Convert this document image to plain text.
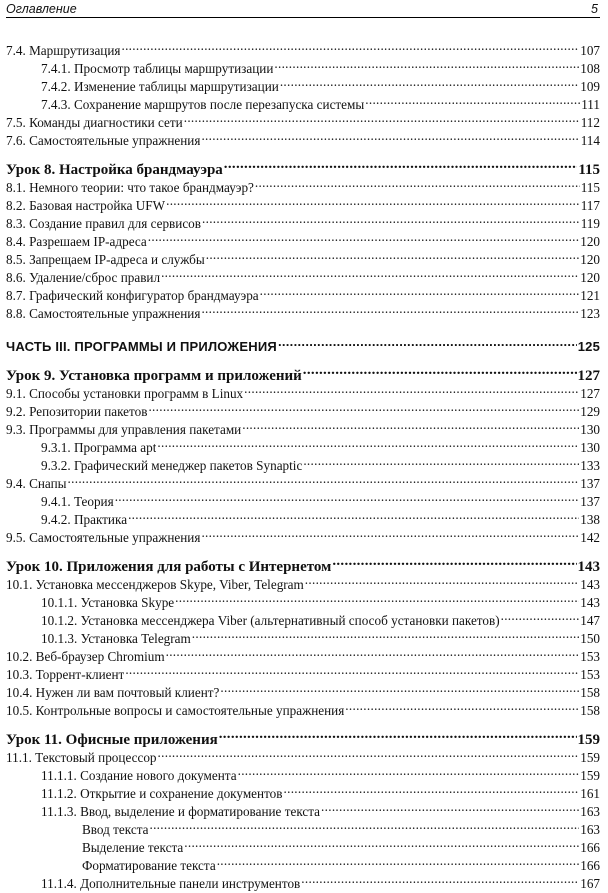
Оглавление	5
7.4. Маршрутизация .....	107
7.4.1. Просмотр таблицы маршрутизации .....	108
7.4.2. Изменение таблицы маршрутизации .....	109
7.4.3. Сохранение маршрутов после перезапуска системы .....	111
7.5. Команды диагностики сети .....	112
7.6. Самостоятельные упражнения .....	114
Урок 8. Настройка брандмауэра .....	115
8.1. Немного теории: что такое брандмауэр? .....	115
8.2. Базовая настройка UFW .....	117
8.3. Создание правил для сервисов .....	119
8.4. Разрешаем IP-адреса .....	120
8.5. Запрещаем IP-адреса и службы .....	120
8.6. Удаление/сброс правил .....	120
8.7. Графический конфигуратор брандмауэра .....	121
8.8. Самостоятельные упражнения .....	123
ЧАСТЬ III. ПРОГРАММЫ И ПРИЛОЖЕНИЯ .....	125
Урок 9. Установка программ и приложений .....	127
9.1. Способы установки программ в Linux .....	127
9.2. Репозитории пакетов .....	129
9.3. Программы для управления пакетами .....	130
9.3.1. Программа apt .....	130
9.3.2. Графический менеджер пакетов Synaptic .....	133
9.4. Снапы .....	137
9.4.1. Теория .....	137
9.4.2. Практика .....	138
9.5. Самостоятельные упражнения .....	142
Урок 10. Приложения для работы с Интернетом .....	143
10.1. Установка мессенджеров Skype, Viber, Telegram .....	143
10.1.1. Установка Skype .....	143
10.1.2. Установка мессенджера Viber (альтернативный способ установки пакетов) .....	147
10.1.3. Установка Telegram .....	150
10.2. Веб-браузер Chromium .....	153
10.3. Торрент-клиент .....	153
10.4. Нужен ли вам почтовый клиент? .....	158
10.5. Контрольные вопросы и самостоятельные упражнения .....	158
Урок 11. Офисные приложения .....	159
11.1. Текстовый процессор .....	159
11.1.1. Создание нового документа .....	159
11.1.2. Открытие и сохранение документов .....	161
11.1.3. Ввод, выделение и форматирование текста .....	163
Ввод текста .....	163
Выделение текста .....	166
Форматирование текста .....	166
11.1.4. Дополнительные панели инструментов .....	167
